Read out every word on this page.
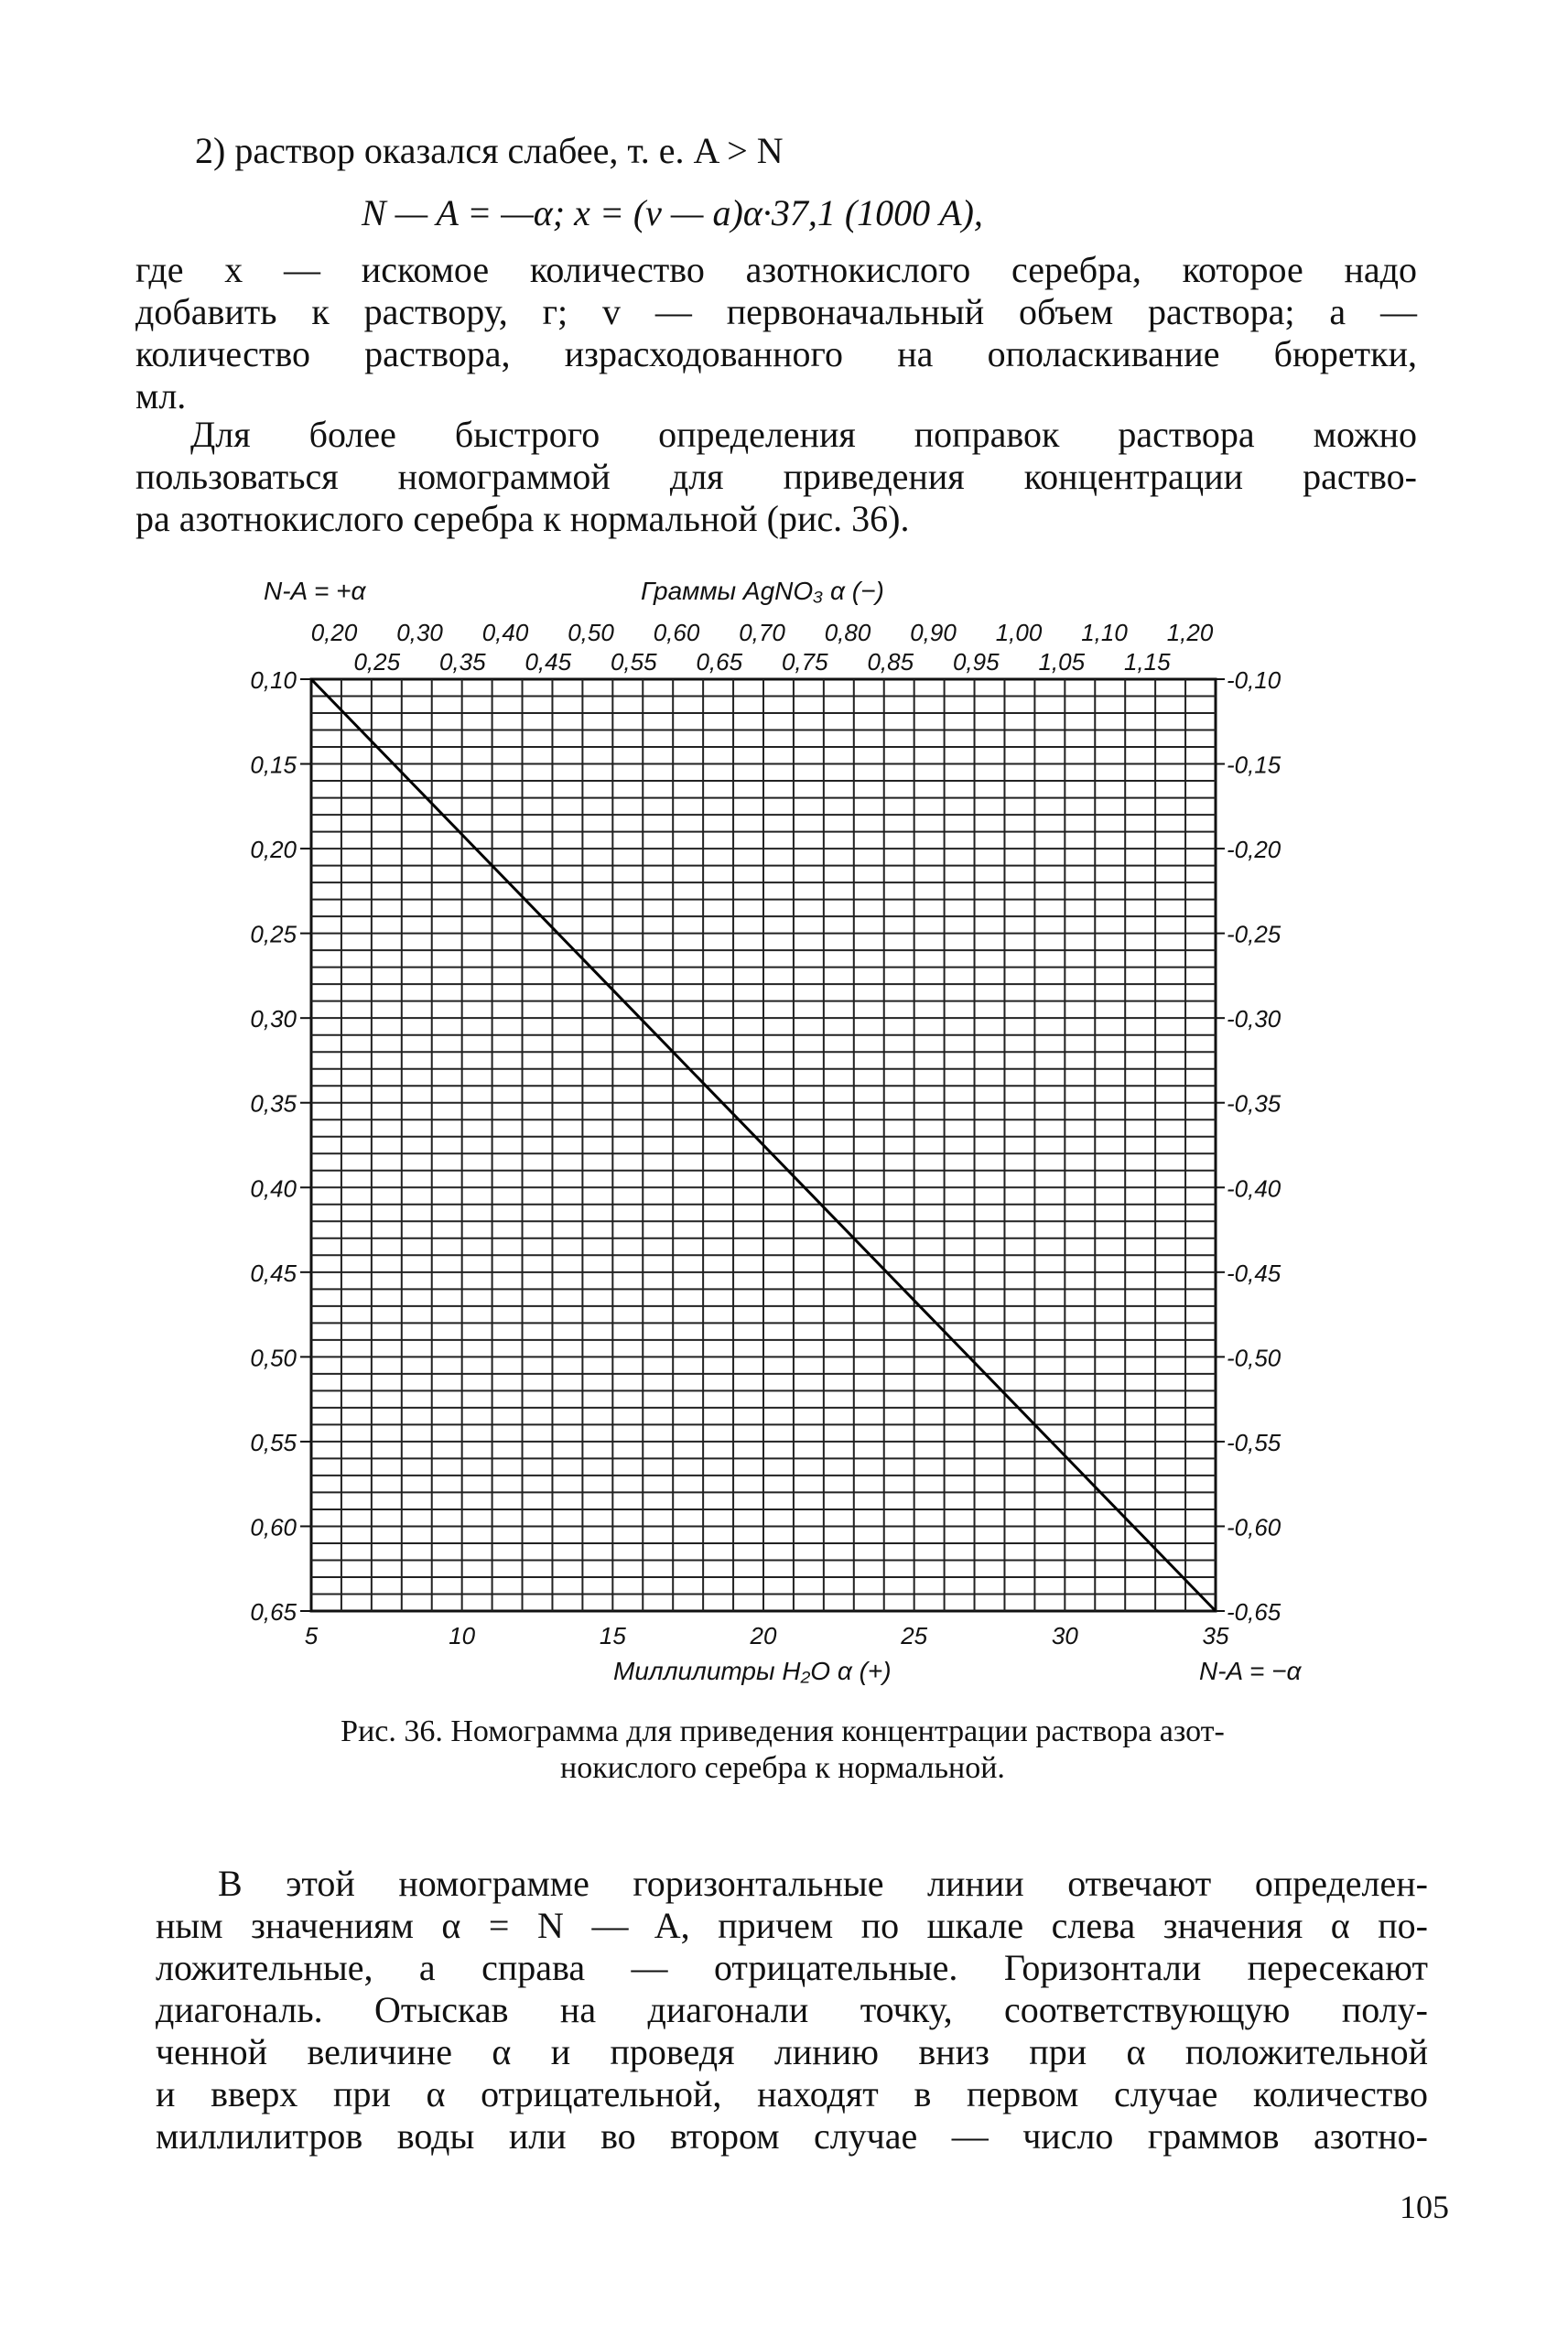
2) раствор оказался слабее, т. е. A > N
N — A = —α; x = (v — a)α·37,1 (1000 A),
где x — искомое количество азотнокислого серебра, которое надо
добавить к раствору, г; v — первоначальный объем раствора; a —
количество раствора, израсходованного на ополаскивание бюретки,
мл.
Для более быстрого определения поправок раствора можно
пользоваться номограммой для приведения концентрации раство-
ра азотнокислого серебра к нормальной (рис. 36).
0,10
0,15
0,20
0,25
0,30
0,35
0,40
0,45
0,50
0,55
0,60
0,65
-0,10
-0,15
-0,20
-0,25
-0,30
-0,35
-0,40
-0,45
-0,50
-0,55
-0,60
-0,65
5	10	15	20	25	30	35
0,20 0,30 0,40 0,50 0,60 0,70 0,80 0,90 1,00 1,10 1,20
0,25 0,35 0,45 0,55 0,65 0,75 0,85 0,95 1,05 1,15
N-A = +α	Граммы AgNO₃ α (−)
Миллилитры H₂O α (+)	N-A = −α
Рис. 36. Номограмма для приведения концентрации раствора азот-
нокислого серебра к нормальной.
В этой номограмме горизонтальные линии отвечают определен-
ным значениям α = N — A, причем по шкале слева значения α по-
ложительные, а справа — отрицательные. Горизонтали пересекают
диагональ. Отыскав на диагонали точку, соответствующую полу-
ченной величине α и проведя линию вниз при α положительной
и вверх при α отрицательной, находят в первом случае количество
миллилитров воды или во втором случае — число граммов азотно-
105
